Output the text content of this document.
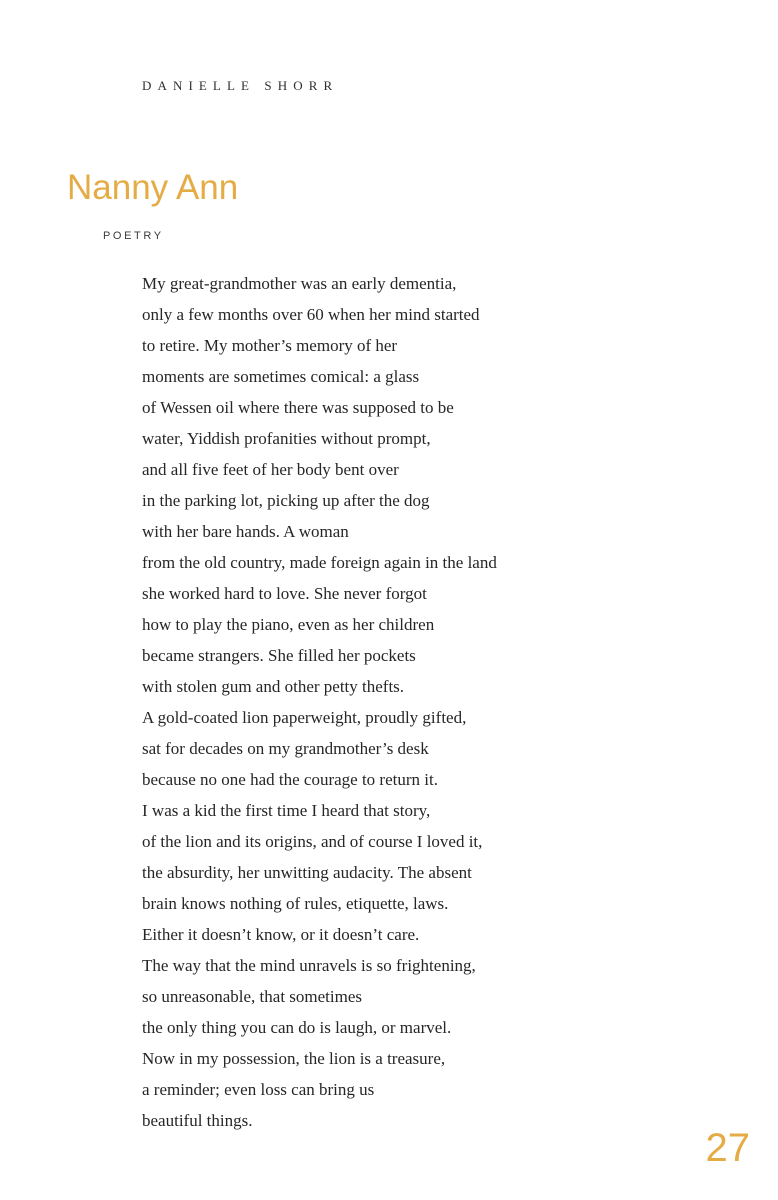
DANIELLE SHORR
Nanny Ann
POETRY
My great-grandmother was an early dementia,
only a few months over 60 when her mind started
to retire. My mother’s memory of her
moments are sometimes comical: a glass
of Wessen oil where there was supposed to be
water, Yiddish profanities without prompt,
and all five feet of her body bent over
in the parking lot, picking up after the dog
with her bare hands. A woman
from the old country, made foreign again in the land
she worked hard to love. She never forgot
how to play the piano, even as her children
became strangers. She filled her pockets
with stolen gum and other petty thefts.
A gold-coated lion paperweight, proudly gifted,
sat for decades on my grandmother’s desk
because no one had the courage to return it.
I was a kid the first time I heard that story,
of the lion and its origins, and of course I loved it,
the absurdity, her unwitting audacity. The absent
brain knows nothing of rules, etiquette, laws.
Either it doesn’t know, or it doesn’t care.
The way that the mind unravels is so frightening,
so unreasonable, that sometimes
the only thing you can do is laugh, or marvel.
Now in my possession, the lion is a treasure,
a reminder; even loss can bring us
beautiful things.
27
